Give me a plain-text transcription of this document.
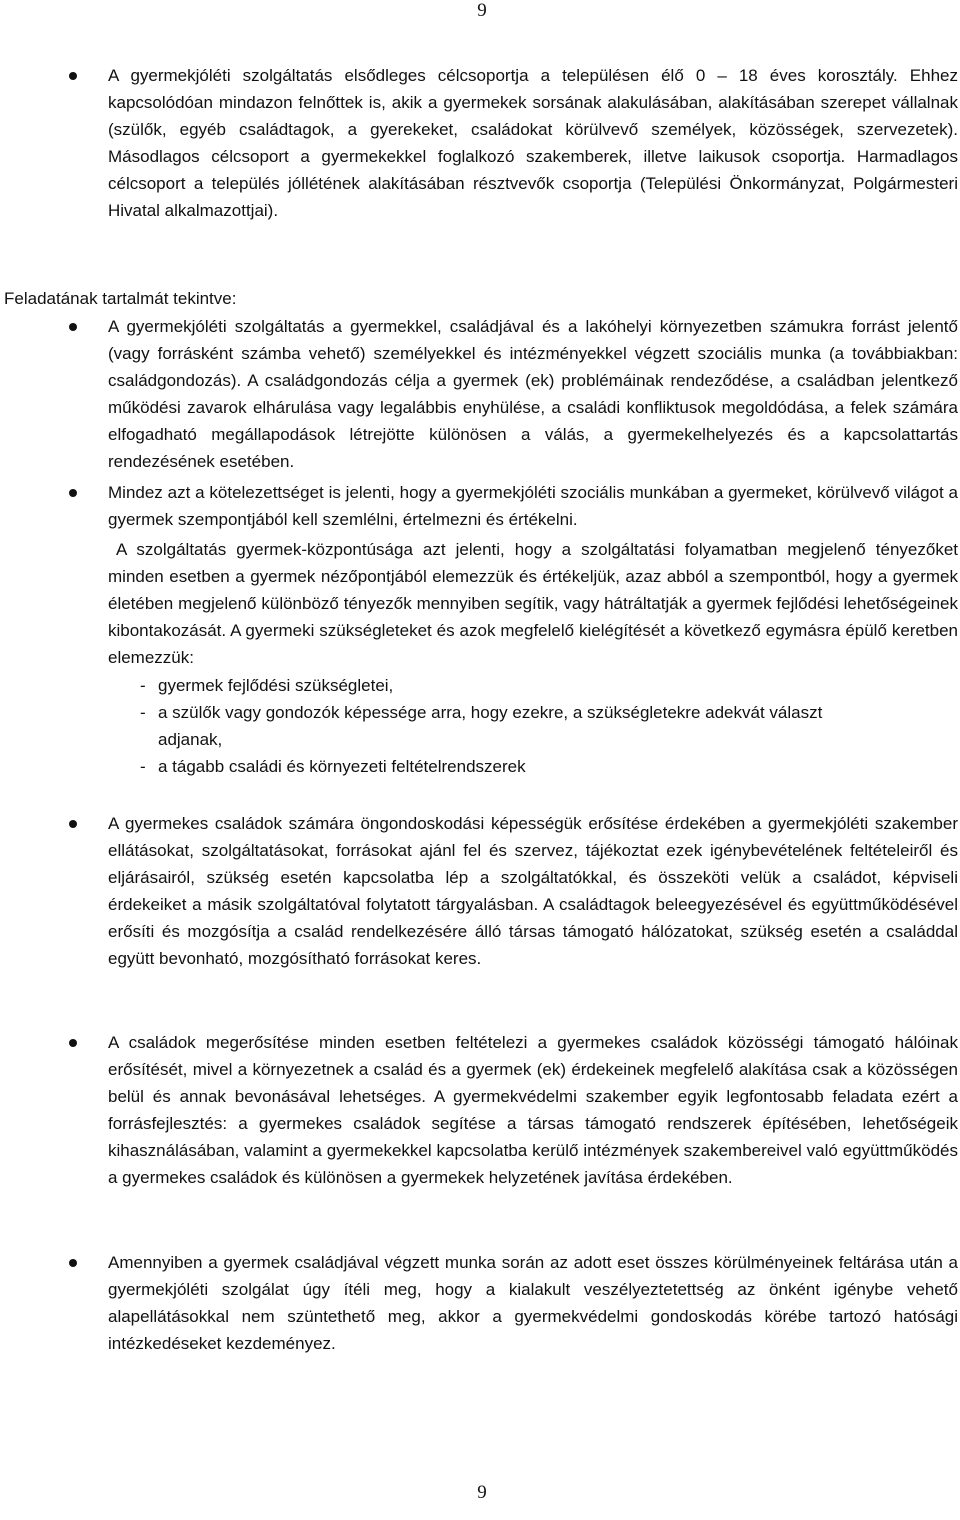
9
A gyermekjóléti szolgáltatás elsődleges célcsoportja a településen élő 0 – 18 éves korosztály. Ehhez kapcsolódóan mindazon felnőttek is, akik a gyermekek sorsának alakulásában, alakításában szerepet vállalnak (szülők, egyéb családtagok, a gyerekeket, családokat körülvevő személyek, közösségek, szervezetek). Másodlagos célcsoport a gyermekekkel foglalkozó szakemberek, illetve laikusok csoportja. Harmadlagos célcsoport a település jóllétének alakításában résztvevők csoportja (Települési Önkormányzat, Polgármesteri Hivatal alkalmazottjai).
Feladatának tartalmát tekintve:
A gyermekjóléti szolgáltatás a gyermekkel, családjával és a lakóhelyi környezetben számukra forrást jelentő (vagy forrásként számba vehető) személyekkel és intézményekkel végzett szociális munka (a továbbiakban: családgondozás). A családgondozás célja a gyermek (ek) problémáinak rendeződése, a családban jelentkező működési zavarok elhárulása vagy legalábbis enyhülése, a családi konfliktusok megoldódása, a felek számára elfogadható megállapodások létrejötte különösen a válás, a gyermekelhelyezés és a kapcsolattartás rendezésének esetében.
Mindez azt a kötelezettséget is jelenti, hogy a gyermekjóléti szociális munkában a gyermeket, körülvevő világot a gyermek szempontjából kell szemlélni, értelmezni és értékelni.
A szolgáltatás gyermek-központúsága azt jelenti, hogy a szolgáltatási folyamatban megjelenő tényezőket minden esetben a gyermek nézőpontjából elemezzük és értékeljük, azaz abból a szempontból, hogy a gyermek életében megjelenő különböző tényezők mennyiben segítik, vagy hátráltatják a gyermek fejlődési lehetőségeinek kibontakozását. A gyermeki szükségleteket és azok megfelelő kielégítését a következő egymásra épülő keretben elemezzük:
- gyermek fejlődési szükségletei,
- a szülők vagy gondozók képessége arra, hogy ezekre, a szükségletekre adekvát választ
adjanak,
- a tágabb családi és környezeti feltételrendszerek
A gyermekes családok számára öngondoskodási képességük erősítése érdekében a gyermekjóléti szakember ellátásokat, szolgáltatásokat, forrásokat ajánl fel és szervez, tájékoztat ezek igénybevételének feltételeiről és eljárásairól, szükség esetén kapcsolatba lép a szolgáltatókkal, és összeköti velük a családot, képviseli érdekeiket a másik szolgáltatóval folytatott tárgyalásban. A családtagok beleegyezésével és együttműködésével erősíti és mozgósítja a család rendelkezésére álló társas támogató hálózatokat, szükség esetén a családdal együtt bevonható, mozgósítható forrásokat keres.
A családok megerősítése minden esetben feltételezi a gyermekes családok közösségi támogató hálóinak erősítését, mivel a környezetnek a család és a gyermek (ek) érdekeinek megfelelő alakítása csak a közösségen belül és annak bevonásával lehetséges. A gyermekvédelmi szakember egyik legfontosabb feladata ezért a forrásfejlesztés: a gyermekes családok segítése a társas támogató rendszerek építésében, lehetőségeik kihasználásában, valamint a gyermekekkel kapcsolatba kerülő intézmények szakembereivel való együttműködés a gyermekes családok és különösen a gyermekek helyzetének javítása érdekében.
Amennyiben a gyermek családjával végzett munka során az adott eset összes körülményeinek feltárása után a gyermekjóléti szolgálat úgy ítéli meg, hogy a kialakult veszélyeztetettség az önként igénybe vehető alapellátásokkal nem szüntethető meg, akkor a gyermekvédelmi gondoskodás körébe tartozó hatósági intézkedéseket kezdeményez.
9
